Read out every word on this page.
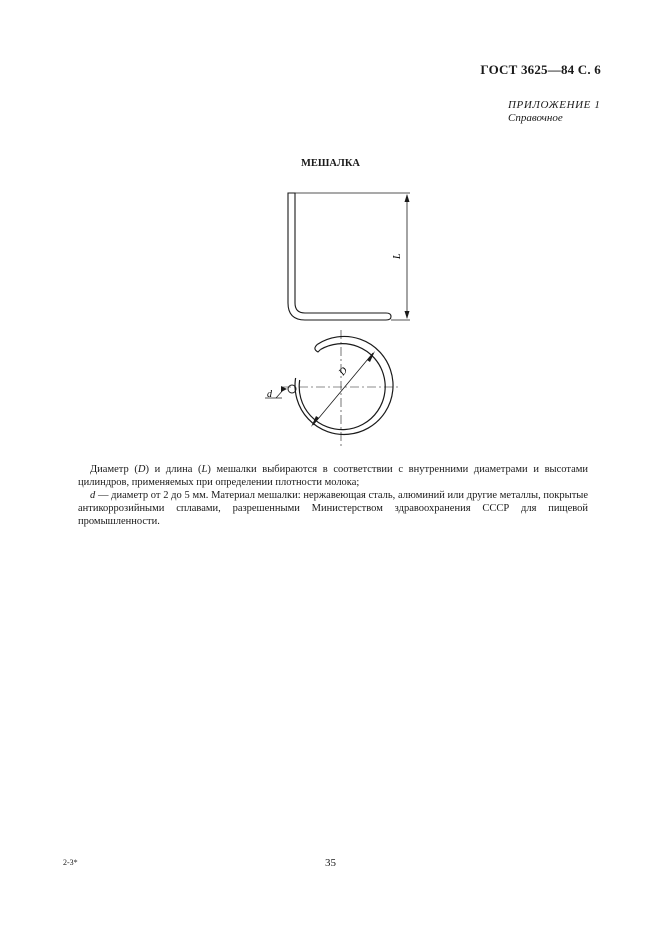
ГОСТ 3625—84 С. 6
ПРИЛОЖЕНИЕ 1
Справочное
МЕШАЛКА
L
D
d

Диаметр (D) и длина (L) мешалки выбираются в соответствии с внутренними диаметрами и высотами цилиндров, применяемых при определении плотности молока;

d — диаметр от 2 до 5 мм. Материал мешалки: нержавеющая сталь, алюминий или другие металлы, покрытые антикоррозийными сплавами, разрешенными Министерством здравоохранения СССР для пищевой промышленности.

2-3*	35
